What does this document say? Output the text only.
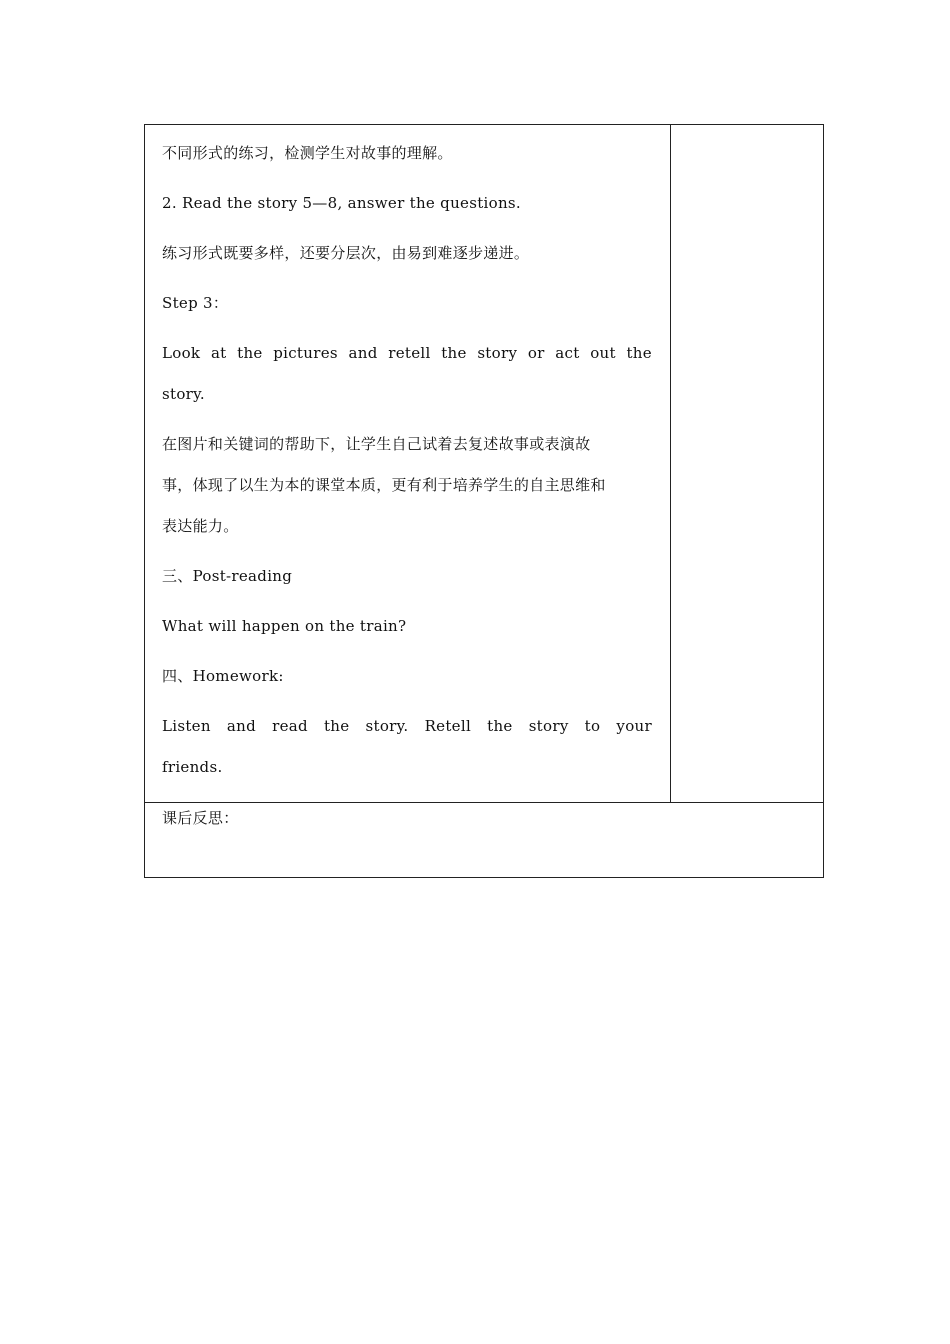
不同形式的练习，检测学生对故事的理解。
2. Read the story 5—8, answer the questions.
练习形式既要多样，还要分层次，由易到难逐步递进。
Step 3：
Look at the pictures and retell the story or act out the
story.
在图片和关键词的帮助下，让学生自己试着去复述故事或表演故
事，体现了以生为本的课堂本质，更有利于培养学生的自主思维和
表达能力。
三、Post-reading
What will happen on the train?
四、Homework:
Listen and read the story. Retell the story to your
friends.
课后反思：
